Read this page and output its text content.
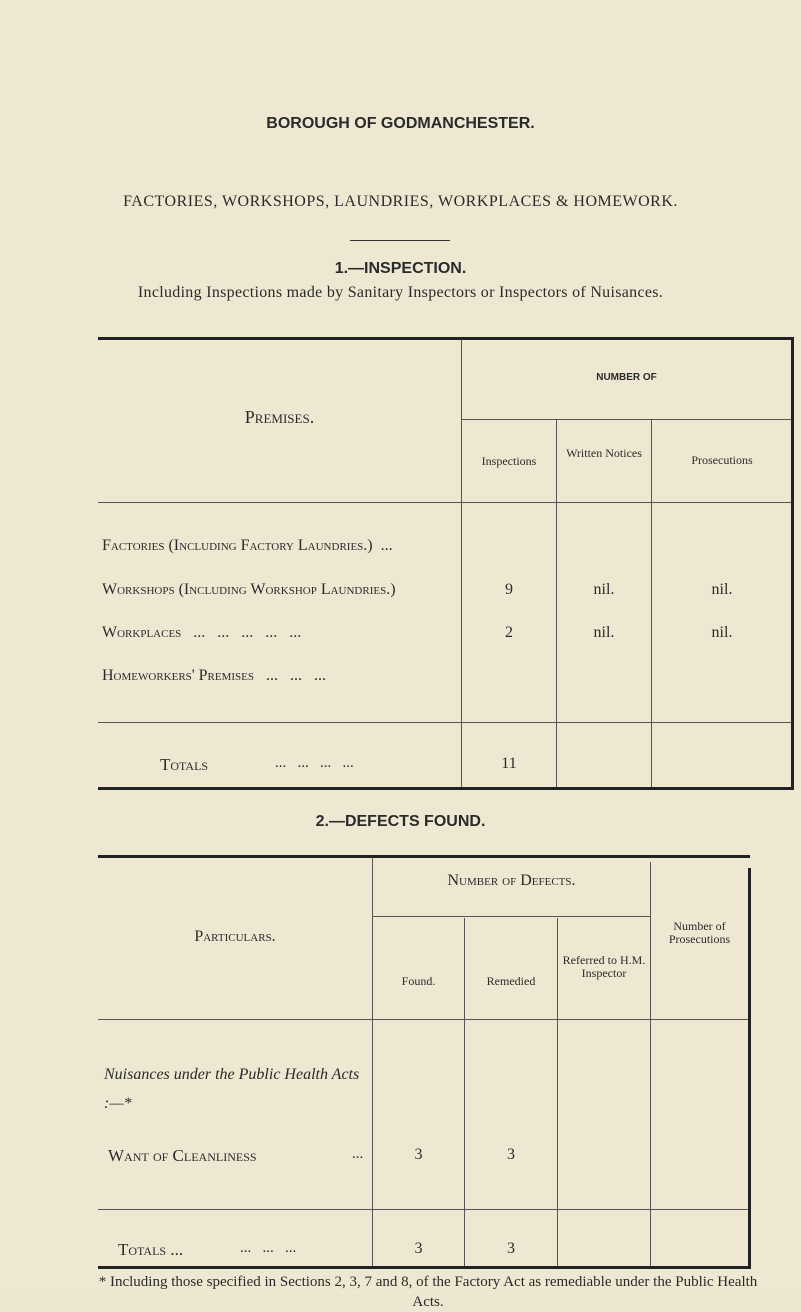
BOROUGH OF GODMANCHESTER.
FACTORIES, WORKSHOPS, LAUNDRIES, WORKPLACES & HOMEWORK.
1.—INSPECTION.
Including Inspections made by Sanitary Inspectors or Inspectors of Nuisances.
Premises.
NUMBER OF
Inspections
Written Notices	Prosecutions
Factories (Including Factory Laundries.)  ...
Workshops (Including Workshop Laundries.)	9	nil.	nil.
Workplaces   ...   ...   ...   ...   ...	2	nil.	nil.
Homeworkers' Premises   ...   ...   ...
Totals	...   ...   ...   ...	11
2.—DEFECTS FOUND.
Particulars.
Number of Defects.
Found.	Remedied
Referred to H.M. Inspector
Number of Prosecutions
Nuisances under the Public Health Acts :—*
Want of Cleanliness	...	3	3
Totals ...	...   ...   ...	3	3
* Including those specified in Sections 2, 3, 7 and 8, of the Factory Act as remediable under the Public Health Acts.
